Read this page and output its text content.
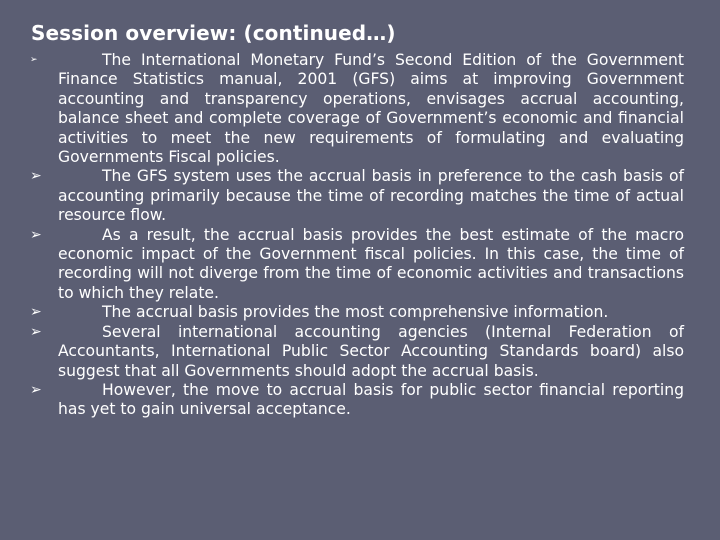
Session overview: (continued…)
➢	The International Monetary Fund’s Second Edition of the Government Finance Statistics manual, 2001 (GFS) aims at improving Government accounting and transparency operations, envisages accrual accounting, balance sheet and complete coverage of Government’s economic and financial activities to meet the new requirements of formulating and evaluating Governments Fiscal policies.
➢	The GFS system uses the accrual basis in preference to the cash basis of accounting primarily because the time of recording matches the time of actual resource flow.
➢	As a result, the accrual basis provides the best estimate of the macro economic impact of the Government fiscal policies. In this case, the time of recording will not diverge from the time of economic activities and transactions to which they relate.
➢	The accrual basis provides the most comprehensive information.
➢	Several international accounting agencies (Internal Federation of Accountants, International Public Sector Accounting Standards board) also suggest that all Governments should adopt the accrual basis.
➢	However, the move to accrual basis for public sector financial reporting has yet to gain universal acceptance.
